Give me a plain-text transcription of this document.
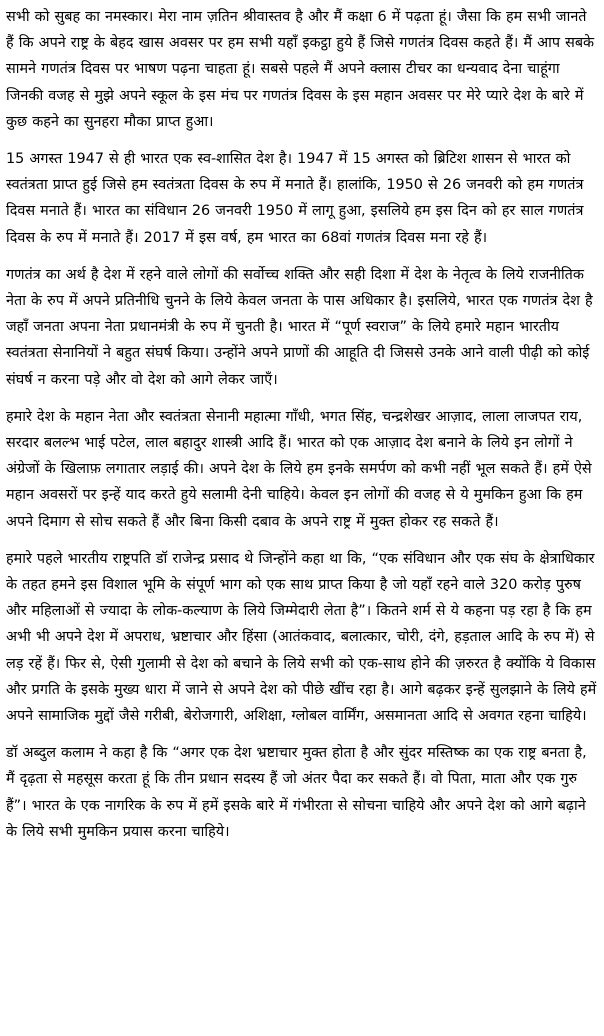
सभी को सुबह का नमस्कार। मेरा नाम ज़तिन श्रीवास्तव है और मैं कक्षा 6 में पढ़ता हूं। जैसा कि हम सभी जानते हैं कि अपने राष्ट्र के बेहद खास अवसर पर हम सभी यहाँ इकट्ठा हुये हैं जिसे गणतंत्र दिवस कहते हैं। मैं आप सबके सामने गणतंत्र दिवस पर भाषण पढ़ना चाहता हूं। सबसे पहले मैं अपने क्लास टीचर का धन्यवाद देना चाहूंगा जिनकी वजह से मुझे अपने स्कूल के इस मंच पर गणतंत्र दिवस के इस महान अवसर पर मेरे प्यारे देश के बारे में कुछ कहने का सुनहरा मौका प्राप्त हुआ।

15 अगस्त 1947 से ही भारत एक स्व-शासित देश है। 1947 में 15 अगस्त को ब्रिटिश शासन से भारत को स्वतंत्रता प्राप्त हुई जिसे हम स्वतंत्रता दिवस के रुप में मनाते हैं। हालांकि, 1950 से 26 जनवरी को हम गणतंत्र दिवस मनाते हैं। भारत का संविधान 26 जनवरी 1950 में लागू हुआ, इसलिये हम इस दिन को हर साल गणतंत्र दिवस के रुप में मनाते हैं। 2017 में इस वर्ष, हम भारत का 68वां गणतंत्र दिवस मना रहे हैं।

गणतंत्र का अर्थ है देश में रहने वाले लोगों की सर्वोच्च शक्ति और सही दिशा में देश के नेतृत्व के लिये राजनीतिक नेता के रुप में अपने प्रतिनीधि चुनने के लिये केवल जनता के पास अधिकार है। इसलिये, भारत एक गणतंत्र देश है जहाँ जनता अपना नेता प्रधानमंत्री के रुप में चुनती है। भारत में “पूर्ण स्वराज” के लिये हमारे महान भारतीय स्वतंत्रता सेनानियों ने बहुत संघर्ष किया। उन्होंने अपने प्राणों की आहूति दी जिससे उनके आने वाली पीढ़ी को कोई संघर्ष न करना पड़े और वो देश को आगे लेकर जाएँ।

हमारे देश के महान नेता और स्वतंत्रता सेनानी महात्मा गाँधी, भगत सिंह, चन्द्रशेखर आज़ाद, लाला लाजपत राय, सरदार बलल्भ भाई पटेल, लाल बहादुर शास्त्री आदि हैं। भारत को एक आज़ाद देश बनाने के लिये इन लोगों ने अंग्रेजों के खिलाफ़ लगातार लड़ाई की। अपने देश के लिये हम इनके समर्पण को कभी नहीं भूल सकते हैं। हमें ऐसे महान अवसरों पर इन्हें याद करते हुये सलामी देनी चाहिये। केवल इन लोगों की वजह से ये मुमकिन हुआ कि हम अपने दिमाग से सोच सकते हैं और बिना किसी दबाव के अपने राष्ट्र में मुक्त होकर रह सकते हैं।

हमारे पहले भारतीय राष्ट्रपति डॉ राजेन्द्र प्रसाद थे जिन्होंने कहा था कि, “एक संविधान और एक संघ के क्षेत्राधिकार के तहत हमने इस विशाल भूमि के संपूर्ण भाग को एक साथ प्राप्त किया है जो यहाँ रहने वाले 320 करोड़ पुरुष और महिलाओं से ज्यादा के लोक-कल्याण के लिये जिम्मेदारी लेता है”। कितने शर्म से ये कहना पड़ रहा है कि हम अभी भी अपने देश में अपराध, भ्रष्टाचार और हिंसा (आतंकवाद, बलात्कार, चोरी, दंगे, हड़ताल आदि के रुप में) से लड़ रहें हैं। फिर से, ऐसी गुलामी से देश को बचाने के लिये सभी को एक-साथ होने की ज़रुरत है क्योंकि ये विकास और प्रगति के इसके मुख्य धारा में जाने से अपने देश को पीछे खींच रहा है। आगे बढ़कर इन्हें सुलझाने के लिये हमें अपने सामाजिक मुद्दों जैसे गरीबी, बेरोजगारी, अशिक्षा, ग्लोबल वार्मिंग, असमानता आदि से अवगत रहना चाहिये।

डॉ अब्दुल कलाम ने कहा है कि “अगर एक देश भ्रष्टाचार मुक्त होता है और सुंदर मस्तिष्क का एक राष्ट्र बनता है, मैं दृढ़ता से महसूस करता हूं कि तीन प्रधान सदस्य हैं जो अंतर पैदा कर सकते हैं। वो पिता, माता और एक गुरु हैं”। भारत के एक नागरिक के रुप में हमें इसके बारे में गंभीरता से सोचना चाहिये और अपने देश को आगे बढ़ाने के लिये सभी मुमकिन प्रयास करना चाहिये।
